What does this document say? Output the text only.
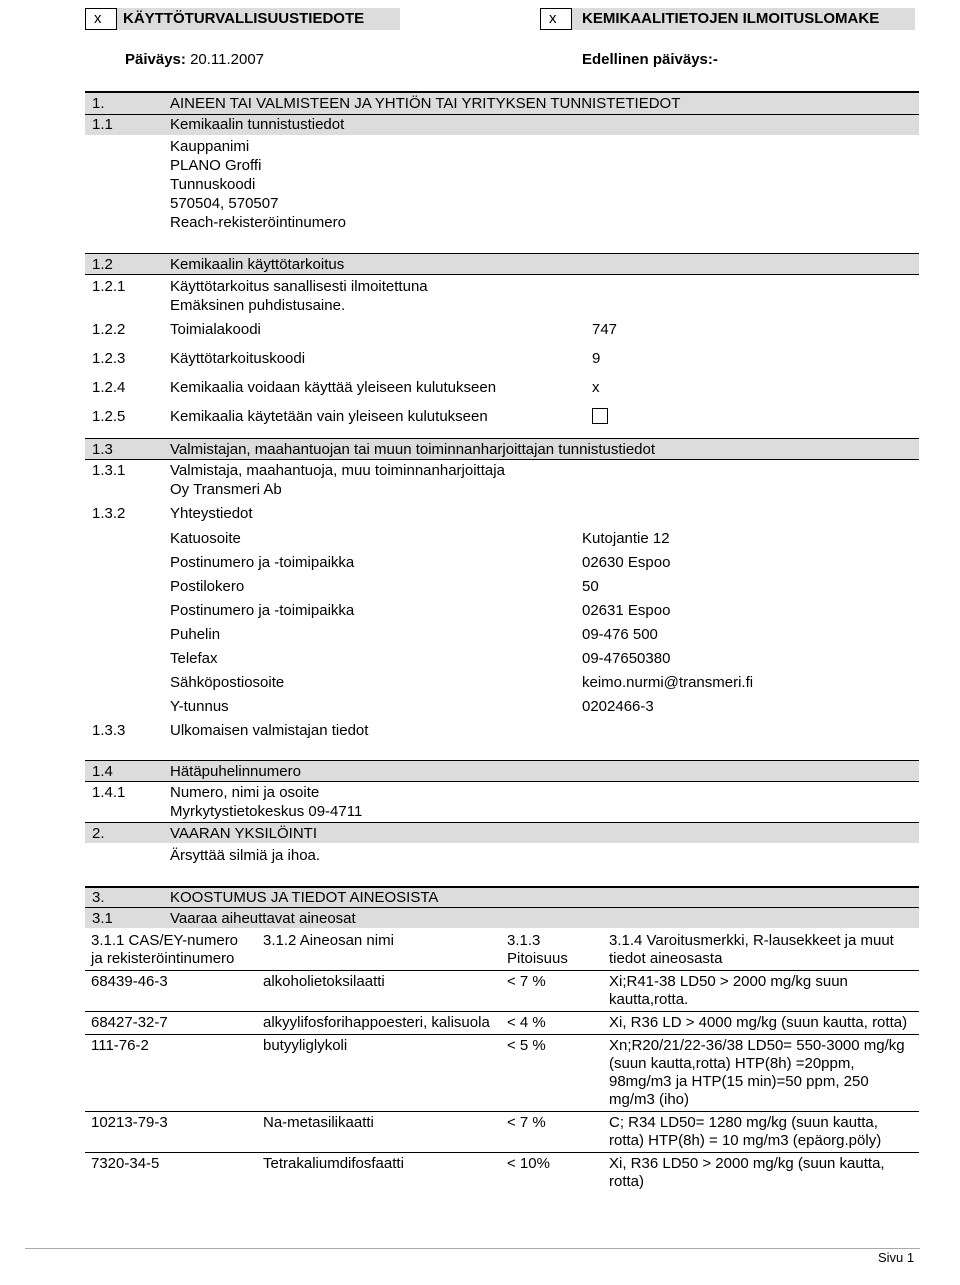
x	KÄYTTÖTURVALLISUUSTIEDOTE	x	KEMIKAALITIETOJEN ILMOITUSLOMAKE
Päiväys: 20.11.2007	Edellinen päiväys:-
1.	AINEEN TAI VALMISTEEN JA YHTIÖN TAI YRITYKSEN TUNNISTETIEDOT
1.1	Kemikaalin tunnistustiedot
Kauppanimi
PLANO Groffi
Tunnuskoodi
570504, 570507
Reach-rekisteröintinumero
1.2	Kemikaalin käyttötarkoitus
1.2.1	Käyttötarkoitus sanallisesti ilmoitettuna
Emäksinen puhdistusaine.
1.2.2	Toimialakoodi	747
1.2.3	Käyttötarkoituskoodi	9
1.2.4	Kemikaalia voidaan käyttää yleiseen kulutukseen	x
1.2.5	Kemikaalia käytetään vain yleiseen kulutukseen
1.3	Valmistajan, maahantuojan tai muun toiminnanharjoittajan tunnistustiedot
1.3.1	Valmistaja, maahantuoja, muu toiminnanharjoittaja
Oy Transmeri Ab
1.3.2	Yhteystiedot
Katuosoite	Kutojantie 12
Postinumero ja -toimipaikka	02630 Espoo
Postilokero	50
Postinumero ja -toimipaikka	02631 Espoo
Puhelin	09-476 500
Telefax	09-47650380
Sähköpostiosoite	keimo.nurmi@transmeri.fi
Y-tunnus	0202466-3
1.3.3	Ulkomaisen valmistajan tiedot
1.4	Hätäpuhelinnumero
1.4.1	Numero, nimi ja osoite
Myrkytystietokeskus 09-4711
2.	VAARAN YKSILÖINTI
Ärsyttää silmiä ja ihoa.
3.	KOOSTUMUS JA TIEDOT AINEOSISTA
3.1	Vaaraa aiheuttavat aineosat
3.1.1 CAS/EY-numero ja rekisteröintinumero	3.1.2 Aineosan nimi	3.1.3 Pitoisuus	3.1.4 Varoitusmerkki, R-lausekkeet ja muut tiedot aineosasta
68439-46-3	alkoholietoksilaatti	< 7 %	Xi;R41-38 LD50 > 2000 mg/kg suun kautta,rotta.
68427-32-7	alkyylifosforihappoesteri, kalisuola	< 4 %	Xi, R36 LD > 4000 mg/kg (suun kautta, rotta)
111-76-2	butyyliglykoli	< 5 %	Xn;R20/21/22-36/38 LD50= 550-3000 mg/kg (suun kautta,rotta) HTP(8h) =20ppm, 98mg/m3 ja HTP(15 min)=50 ppm, 250 mg/m3 (iho)
10213-79-3	Na-metasilikaatti	< 7 %	C; R34 LD50= 1280 mg/kg (suun kautta, rotta) HTP(8h) = 10 mg/m3 (epäorg.pöly)
7320-34-5	Tetrakaliumdifosfaatti	< 10%	Xi, R36 LD50 > 2000 mg/kg (suun kautta, rotta)
Sivu 1
